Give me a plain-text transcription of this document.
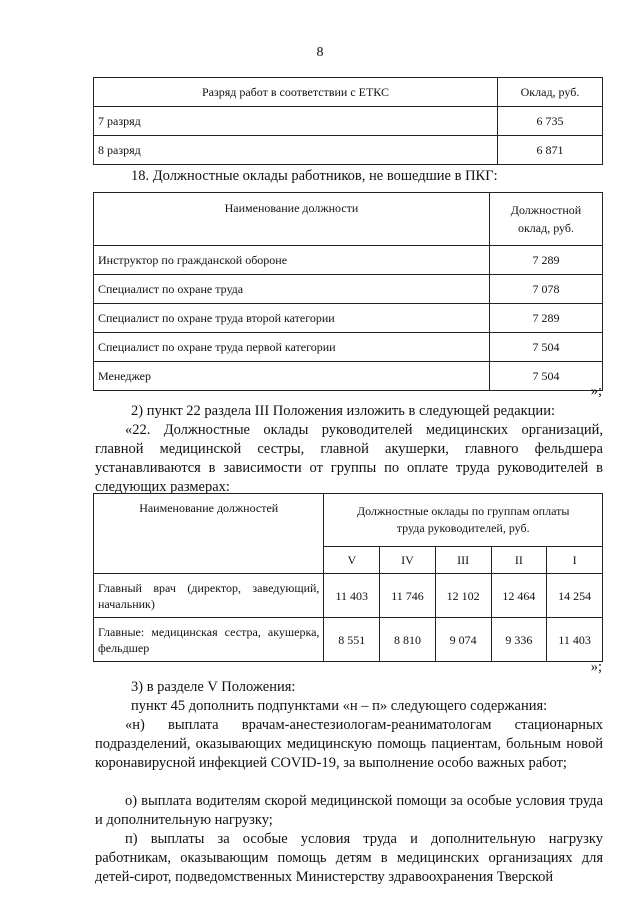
8
Разряд работ в соответствии с ЕТКС	Оклад, руб.
7 разряд	6 735
8 разряд	6 871
18. Должностные оклады работников, не вошедшие в ПКГ:
Наименование должности	Должностной оклад, руб.
Инструктор по гражданской обороне	7 289
Специалист по охране труда	7 078
Специалист по охране труда второй категории	7 289
Специалист по охране труда первой категории	7 504
Менеджер	7 504
»;
2) пункт 22 раздела III Положения изложить в следующей редакции:
«22. Должностные оклады руководителей медицинских организаций, главной медицинской сестры, главной акушерки, главного фельдшера устанавливаются в зависимости от группы по оплате труда руководителей в следующих размерах:
Наименование должностей	Должностные оклады по группам оплаты труда руководителей, руб.				
	V	IV	III	II	I
Главный врач (директор, заведующий, начальник)	11 403	11 746	12 102	12 464	14 254
Главные: медицинская сестра, акушерка, фельдшер	8 551	8 810	9 074	9 336	11 403
»;
3) в разделе V Положения:
пункт 45 дополнить подпунктами «н – п» следующего содержания:
«н) выплата врачам-анестезиологам-реаниматологам стационарных подразделений, оказывающих медицинскую помощь пациентам, больным новой коронавирусной инфекцией COVID-19, за выполнение особо важных работ;
о) выплата водителям скорой медицинской помощи за особые условия труда и дополнительную нагрузку;
п) выплаты за особые условия труда и дополнительную нагрузку работникам, оказывающим помощь детям в медицинских организациях для детей-сирот, подведомственных Министерству здравоохранения Тверской
